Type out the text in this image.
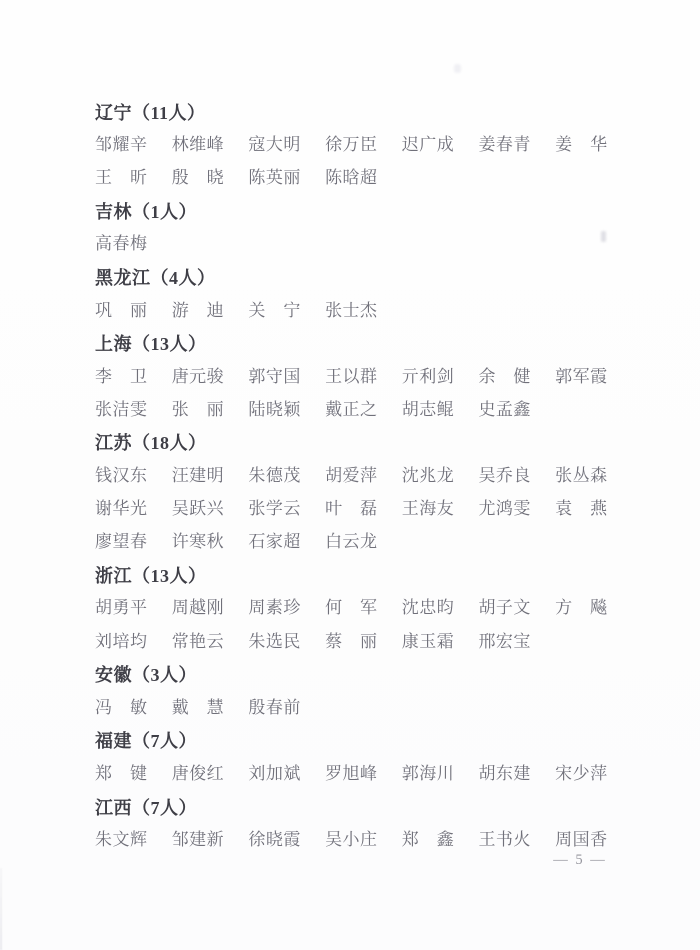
辽宁（11人）
邹耀辛 林维峰 寇大明 徐万臣 迟广成 姜春青 姜华
王昕 殷晓 陈英丽 陈晗超
吉林（1人）
高春梅
黑龙江（4人）
巩丽 游迪 关宁 张士杰
上海（13人）
李卫 唐元骏 郭守国 王以群 亓利剑 余健 郭军霞
张洁雯 张丽 陆晓颖 戴正之 胡志鲲 史孟鑫
江苏（18人）
钱汉东 汪建明 朱德茂 胡爱萍 沈兆龙 吴乔良 张丛森
谢华光 吴跃兴 张学云 叶磊 王海友 尤鸿雯 袁燕
廖望春 许寒秋 石家超 白云龙
浙江（13人）
胡勇平 周越刚 周素珍 何军 沈忠昀 胡子文 方飚
刘培均 常艳云 朱选民 蔡丽 康玉霜 邢宏宝
安徽（3人）
冯敏 戴慧 殷春前
福建（7人）
郑键 唐俊红 刘加斌 罗旭峰 郭海川 胡东建 宋少萍
江西（7人）
朱文辉 邹建新 徐晓霞 吴小庄 郑鑫 王书火 周国香
— 5 —
